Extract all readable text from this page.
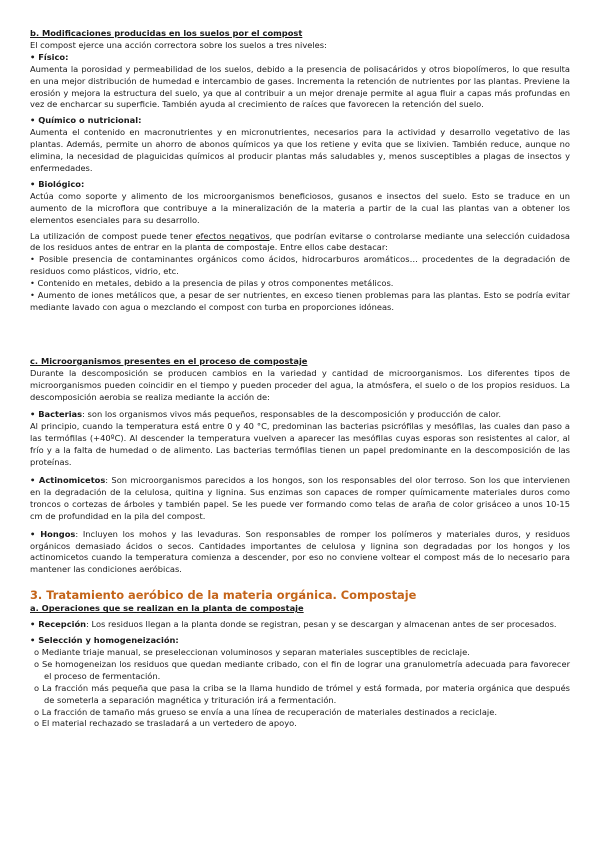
b. Modificaciones producidas en los suelos por el compost
El compost ejerce una acción correctora sobre los suelos a tres niveles:
• Físico:
Aumenta la porosidad y permeabilidad de los suelos, debido a la presencia de polisacáridos y otros biopolímeros, lo que resulta en una mejor distribución de humedad e intercambio de gases. Incrementa la retención de nutrientes por las plantas. Previene la erosión y mejora la estructura del suelo, ya que al contribuir a un mejor drenaje permite al agua fluir a capas más profundas en vez de encharcar su superficie. También ayuda al crecimiento de raíces que favorecen la retención del suelo.
• Químico o nutricional:
Aumenta el contenido en macronutrientes y en micronutrientes, necesarios para la actividad y desarrollo vegetativo de las plantas. Además, permite un ahorro de abonos químicos ya que los retiene y evita que se lixivien. También reduce, aunque no elimina, la necesidad de plaguicidas químicos al producir plantas más saludables y, menos susceptibles a plagas de insectos y enfermedades.
• Biológico:
Actúa como soporte y alimento de los microorganismos beneficiosos, gusanos e insectos del suelo. Esto se traduce en un aumento de la microflora que contribuye a la mineralización de la materia a partir de la cual las plantas van a obtener los elementos esenciales para su desarrollo.
La utilización de compost puede tener efectos negativos, que podrían evitarse o controlarse mediante una selección cuidadosa de los residuos antes de entrar en la planta de compostaje. Entre ellos cabe destacar:
• Posible presencia de contaminantes orgánicos como ácidos, hidrocarburos aromáticos… procedentes de la degradación de residuos como plásticos, vidrio, etc.
• Contenido en metales, debido a la presencia de pilas y otros componentes metálicos.
• Aumento de iones metálicos que, a pesar de ser nutrientes, en exceso tienen problemas para las plantas. Esto se podría evitar mediante lavado con agua o mezclando el compost con turba en proporciones idóneas.
c. Microorganismos presentes en el proceso de compostaje
Durante la descomposición se producen cambios en la variedad y cantidad de microorganismos. Los diferentes tipos de microorganismos pueden coincidir en el tiempo y pueden proceder del agua, la atmósfera, el suelo o de los propios residuos. La descomposición aerobia se realiza mediante la acción de:
• Bacterias: son los organismos vivos más pequeños, responsables de la descomposición y producción de calor.
Al principio, cuando la temperatura está entre 0 y 40 °C, predominan las bacterias psicrófilas y mesófilas, las cuales dan paso a las termófilas (+40ºC). Al descender la temperatura vuelven a aparecer las mesófilas cuyas esporas son resistentes al calor, al frío y a la falta de humedad o de alimento. Las bacterias termófilas tienen un papel predominante en la descomposición de las proteínas.
• Actinomicetos: Son microorganismos parecidos a los hongos, son los responsables del olor terroso. Son los que intervienen en la degradación de la celulosa, quitina y lignina. Sus enzimas son capaces de romper químicamente materiales duros como troncos o cortezas de árboles y también papel. Se les puede ver formando como telas de araña de color grisáceo a unos 10-15 cm de profundidad en la pila del compost.
• Hongos: Incluyen los mohos y las levaduras. Son responsables de romper los polímeros y materiales duros, y residuos orgánicos demasiado ácidos o secos. Cantidades importantes de celulosa y lignina son degradadas por los hongos y los actinomicetos cuando la temperatura comienza a descender, por eso no conviene voltear el compost más de lo necesario para mantener las condiciones aeróbicas.
3. Tratamiento aeróbico de la materia orgánica. Compostaje
a. Operaciones que se realizan en la planta de compostaje
• Recepción: Los residuos llegan a la planta donde se registran, pesan y se descargan y almacenan antes de ser procesados.
• Selección y homogeneización:
o Mediante triaje manual, se preseleccionan voluminosos y separan materiales susceptibles de reciclaje.
o Se homogeneizan los residuos que quedan mediante cribado, con el fin de lograr una granulometría adecuada para favorecer el proceso de fermentación.
o La fracción más pequeña que pasa la criba se la llama hundido de trómel y está formada, por materia orgánica que después de someterla a separación magnética y trituración irá a fermentación.
o La fracción de tamaño más grueso se envía a una línea de recuperación de materiales destinados a reciclaje.
o El material rechazado se trasladará a un vertedero de apoyo.
